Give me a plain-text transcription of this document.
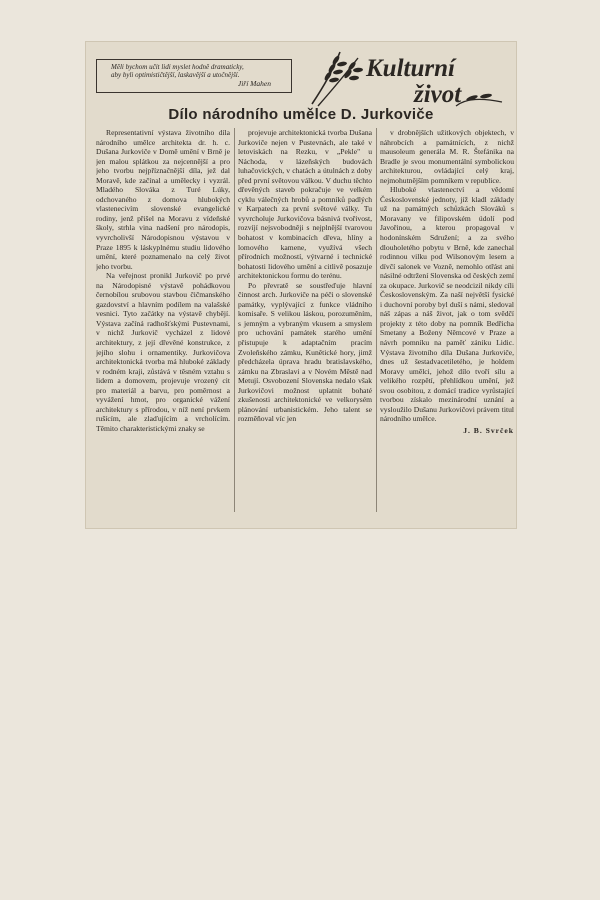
Měli bychom učit lidi myslet hodně dramaticky, aby byli optimističtější, laskavější a utočnější.
Jiří Mahen
Kulturní
život
Dílo národního umělce D. Jurkoviče

Representativní výstava životního díla národního umělce architekta dr. h. c. Dušana Jurkoviče v Domě umění v Brně je jen malou splátkou za nejcennější a pro jeho tvorbu nejpříznačnější díla, jež dal Moravě, kde začínal a umělecky i vyzrál. Mladého Slováka z Turé Lúky, odchovaného z domova hlubokých vlastenecivím slovenské evangelické rodiny, jenž přišel na Moravu z vídeňské školy, strhla vina nadšení pro národopis, vyvrcholivší Národopisnou výstavou v Praze 1895 k láskyplnému studiu lidového umění, které poznamenalo na celý život jeho tvorbu.

Na veřejnost pronikl Jurkovič po prvé na Národopisné výstavě pohádkovou černobílou srubovou stavbou čičmanského gazdovství a hlavním podílem na valašské vesnici. Tyto začátky na výstavě chybějí. Výstava začíná radhošťskými Pustevnami, v nichž Jurkovič vycházel z lidové architektury, z její dřevěné konstrukce, z jejího slohu i ornamentiky. Jurkovičova architektonická tvorba má hluboké základy v rodném kraji, zůstává v těsném vztahu s lidem a domovem, projevuje vrozený cit pro materiál a barvu, pro poměrnost a vyvážení hmot, pro organické vážení architektury s přírodou, v níž není prvkem rušícím, ale zlaďujícím a vrcholícím. Těmito charakteristickými znaky se

projevuje architektonická tvorba Dušana Jurkoviče nejen v Pustevnách, ale také v letoviskách na Rezku, v „Pekle" u Náchoda, v lázeňských budovách luhačovických, v chatách a útulnách z doby před první světovou válkou. V duchu těchto dřevěných staveb pokračuje ve velkém cyklu válečných hrobů a pomníků padlých v Karpatech za první světové války. Tu vyvrcholuje Jurkovičova básnivá tvořivost, rozvíjí nejsvobodněji s nejplnější tvarovou bohatost v kombinacích dřeva, hlíny a lomového kamene, využívá všech přírodních možností, výtvarné i technické bohatosti lidového umění a citlivě posazuje architektonickou formu do terénu.

Po převratě se soustřeďuje hlavní činnost arch. Jurkoviče na péči o slovenské památky, vyplývající z funkce vládního komisaře. S velikou láskou, porozuměním, s jemným a vybraným vkusem a smyslem pro uchování památek starého umění přistupuje k adaptačním pracím Zvoleňského zámku, Kunětické hory, jimž předcházela úprava hradu bratislavského, zámku na Zbraslavi a v Novém Městě nad Metují. Osvobození Slovenska nedalo však Jurkovičovi možnost uplatnit bohaté zkušenosti architektonické ve velkorysém plánování urbanistickém. Jeho talent se rozměňoval víc jen

v drobnějších užitkových objektech, v náhrobcích a památnících, z nichž mausoleum generála M. R. Štefánika na Bradle je svou monumentální symbolickou architekturou, ovládající celý kraj, nejmohutnějším pomníkem v republice.

Hluboké vlastenectví a vědomí Československé jednoty, jíž kladl základy už na památných schůzkách Slováků s Moravany ve filipovském údolí pod Javořinou, a kterou propagoval v hodonínském Sdružení; a za svého dlouholetého pobytu v Brně, kde zanechal rodinnou vilku pod Wilsonovým lesem a dívčí salonek ve Vozně, nemohlo otřást ani násilné odtržení Slovenska od českých zemí za okupace. Jurkovič se neodcizil nikdy cíli Československým. Za naší největší fysické i duchovní poroby byl duší s námi, sledoval náš zápas a náš život, jak o tom svědčí projekty z této doby na pomník Bedřicha Smetany a Boženy Němcové v Praze a návrh pomníku na paměť zániku Lidic. Výstava životního díla Dušana Jurkoviče, dnes už šestadvacetiletého, je holdem Moravy umělci, jehož dílo tvoří sílu a velikého rozpětí, přehlídkou umění, jež svou osobitou, z domácí tradice vyrůstající tvorbou získalo mezinárodní uznání a vysloužilo Dušanu Jurkovičovi právem titul národního umělce.

J. B. Svrček
